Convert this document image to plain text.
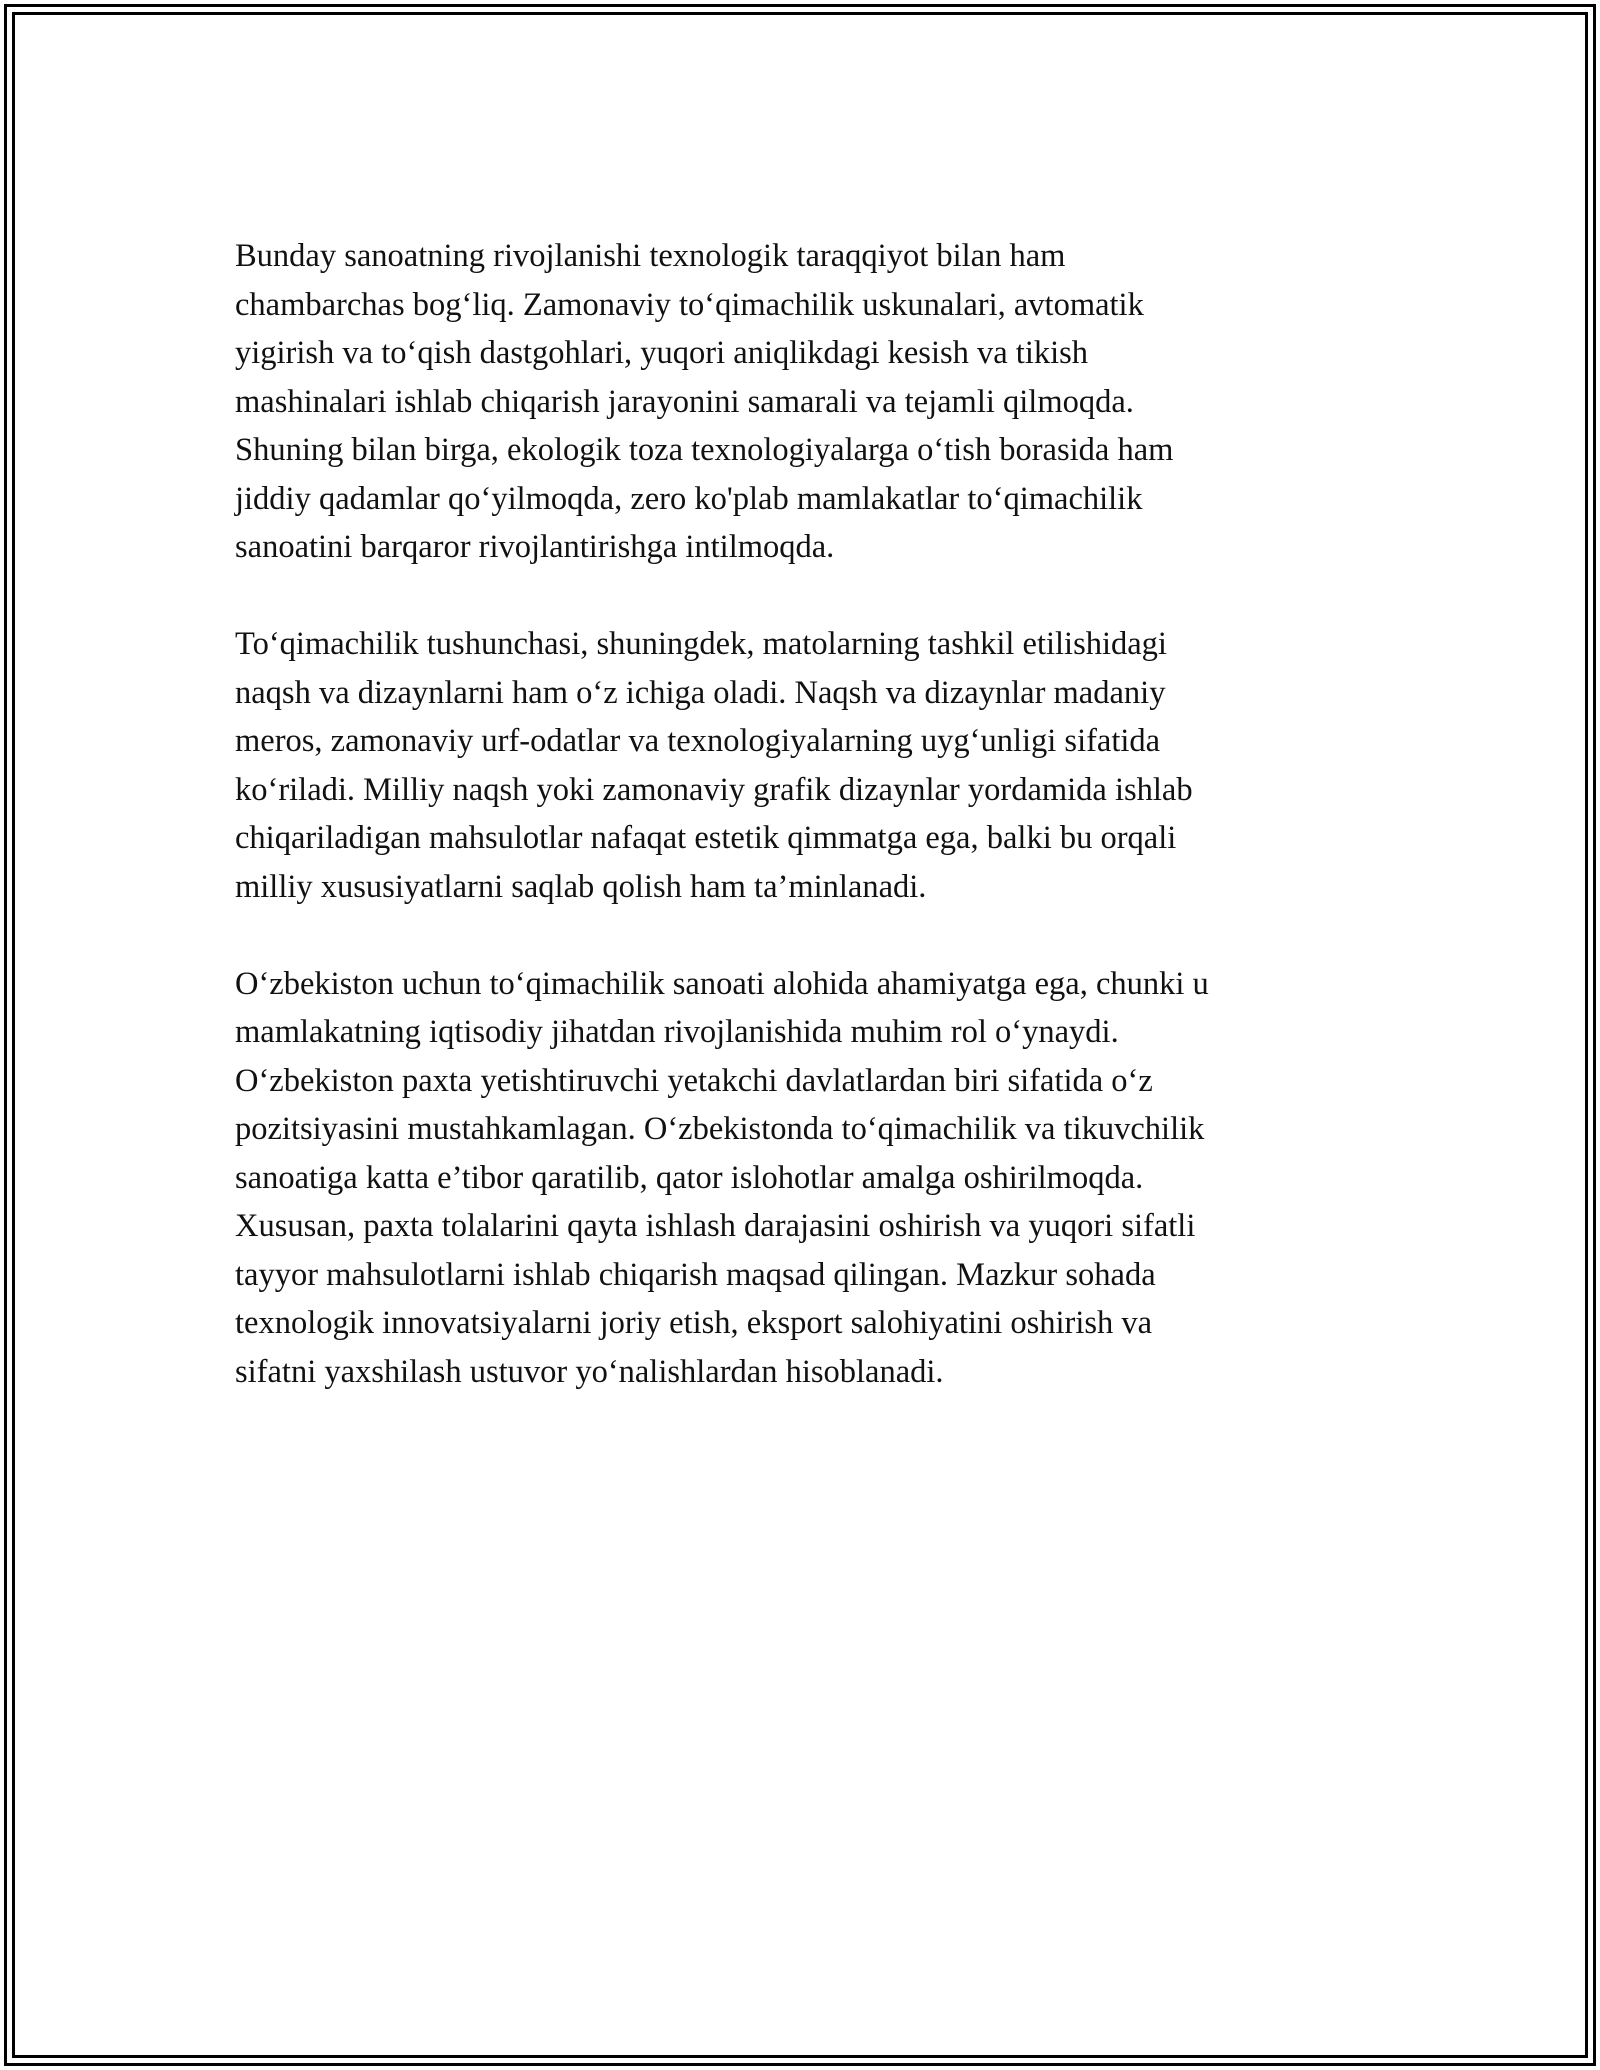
Bunday sanoatning rivojlanishi texnologik taraqqiyot bilan ham
chambarchas bog‘liq. Zamonaviy to‘qimachilik uskunalari, avtomatik
yigirish va to‘qish dastgohlari, yuqori aniqlikdagi kesish va tikish
mashinalari ishlab chiqarish jarayonini samarali va tejamli qilmoqda.
Shuning bilan birga, ekologik toza texnologiyalarga o‘tish borasida ham
jiddiy qadamlar qo‘yilmoqda, zero ko'plab mamlakatlar to‘qimachilik
sanoatini barqaror rivojlantirishga intilmoqda.

To‘qimachilik tushunchasi, shuningdek, matolarning tashkil etilishidagi
naqsh va dizaynlarni ham o‘z ichiga oladi. Naqsh va dizaynlar madaniy
meros, zamonaviy urf-odatlar va texnologiyalarning uyg‘unligi sifatida
ko‘riladi. Milliy naqsh yoki zamonaviy grafik dizaynlar yordamida ishlab
chiqariladigan mahsulotlar nafaqat estetik qimmatga ega, balki bu orqali
milliy xususiyatlarni saqlab qolish ham ta’minlanadi.

O‘zbekiston uchun to‘qimachilik sanoati alohida ahamiyatga ega, chunki u
mamlakatning iqtisodiy jihatdan rivojlanishida muhim rol o‘ynaydi.
O‘zbekiston paxta yetishtiruvchi yetakchi davlatlardan biri sifatida o‘z
pozitsiyasini mustahkamlagan. O‘zbekistonda to‘qimachilik va tikuvchilik
sanoatiga katta e’tibor qaratilib, qator islohotlar amalga oshirilmoqda.
Xususan, paxta tolalarini qayta ishlash darajasini oshirish va yuqori sifatli
tayyor mahsulotlarni ishlab chiqarish maqsad qilingan. Mazkur sohada
texnologik innovatsiyalarni joriy etish, eksport salohiyatini oshirish va
sifatni yaxshilash ustuvor yo‘nalishlardan hisoblanadi.
